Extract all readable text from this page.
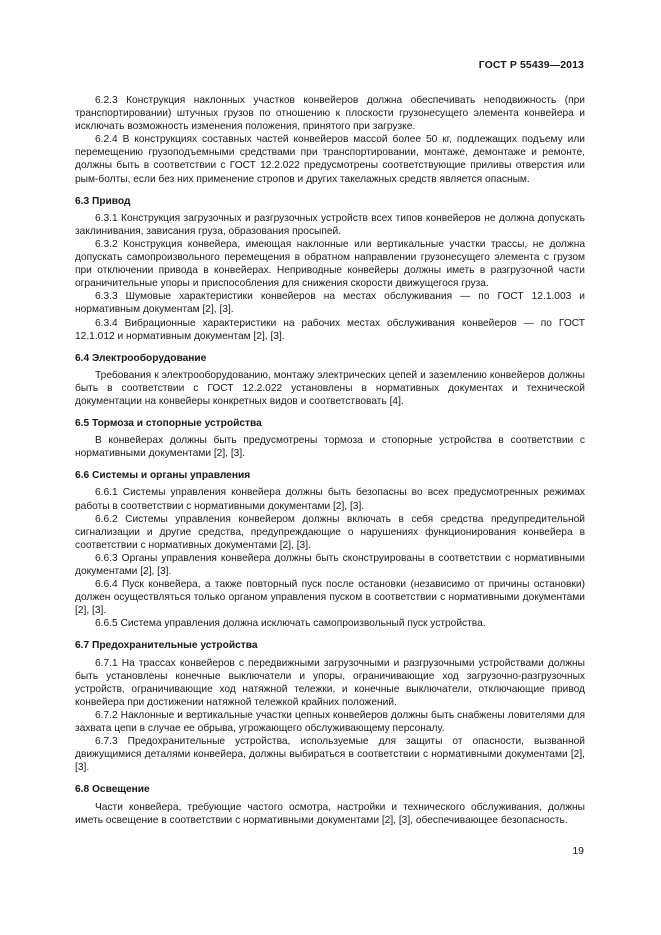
ГОСТ Р 55439—2013

6.2.3 Конструкция наклонных участков конвейеров должна обеспечивать неподвижность (при транспортировании) штучных грузов по отношению к плоскости грузонесущего элемента конвейера и исключать возможность изменения положения, принятого при загрузке.

6.2.4 В конструкциях составных частей конвейеров массой более 50 кг, подлежащих подъему или перемещению грузоподъемными средствами при транспортировании, монтаже, демонтаже и ремонте, должны быть в соответствии с ГОСТ 12.2.022 предусмотрены соответствующие приливы отверстия или рым-болты, если без них применение стропов и других такелажных средств является опасным.

6.3 Привод

6.3.1 Конструкция загрузочных и разгрузочных устройств всех типов конвейеров не должна допускать заклинивания, зависания груза, образования просыпей.

6.3.2 Конструкция конвейера, имеющая наклонные или вертикальные участки трассы, не должна допускать самопроизвольного перемещения в обратном направлении грузонесущего элемента с грузом при отключении привода в конвейерах. Неприводные конвейеры должны иметь в разгрузочной части ограничительные упоры и приспособления для снижения скорости движущегося груза.

6.3.3 Шумовые характеристики конвейеров на местах обслуживания — по ГОСТ 12.1.003 и нормативным документам [2], [3].

6.3.4 Вибрационные характеристики на рабочих местах обслуживания конвейеров — по ГОСТ 12.1.012 и нормативным документам [2], [3].

6.4 Электрооборудование

Требования к электрооборудованию, монтажу электрических цепей и заземлению конвейеров должны быть в соответствии с ГОСТ 12.2.022 установлены в нормативных документах и технической документации на конвейеры конкретных видов и соответствовать [4].

6.5 Тормоза и стопорные устройства

В конвейерах должны быть предусмотрены тормоза и стопорные устройства в соответствии с нормативными документами [2], [3].

6.6 Системы и органы управления

6.6.1 Системы управления конвейера должны быть безопасны во всех предусмотренных режимах работы в соответствии с нормативными документами [2], [3].

6.6.2 Системы управления конвейером должны включать в себя средства предупредительной сигнализации и другие средства, предупреждающие о нарушениях функционирования конвейера в соответствии с нормативных документами [2], [3].

6.6.3 Органы управления конвейера должны быть сконструированы в соответствии с нормативными документами [2], [3].

6.6.4 Пуск конвейера, а также повторный пуск после остановки (независимо от причины остановки) должен осуществляться только органом управления пуском в соответствии с нормативными документами [2], [3].

6.6.5 Система управления должна исключать самопроизвольный пуск устройства.

6.7 Предохранительные устройства

6.7.1 На трассах конвейеров с передвижными загрузочными и разгрузочными устройствами должны быть установлены конечные выключатели и упоры, ограничивающие ход загрузочно-разгрузочных устройств, ограничивающие ход натяжной тележки, и конечные выключатели, отключающие привод конвейера при достижении натяжной тележкой крайних положений.

6.7.2 Наклонные и вертикальные участки цепных конвейеров должны быть снабжены ловителями для захвата цепи в случае ее обрыва, угрожающего обслуживающему персоналу.

6.7.3 Предохранительные устройства, используемые для защиты от опасности, вызванной движущимися деталями конвейера, должны выбираться в соответствии с нормативными документами [2], [3].

6.8 Освещение

Части конвейера, требующие частого осмотра, настройки и технического обслуживания, должны иметь освещение в соответствии с нормативными документами [2], [3], обеспечивающее безопасность.

19
